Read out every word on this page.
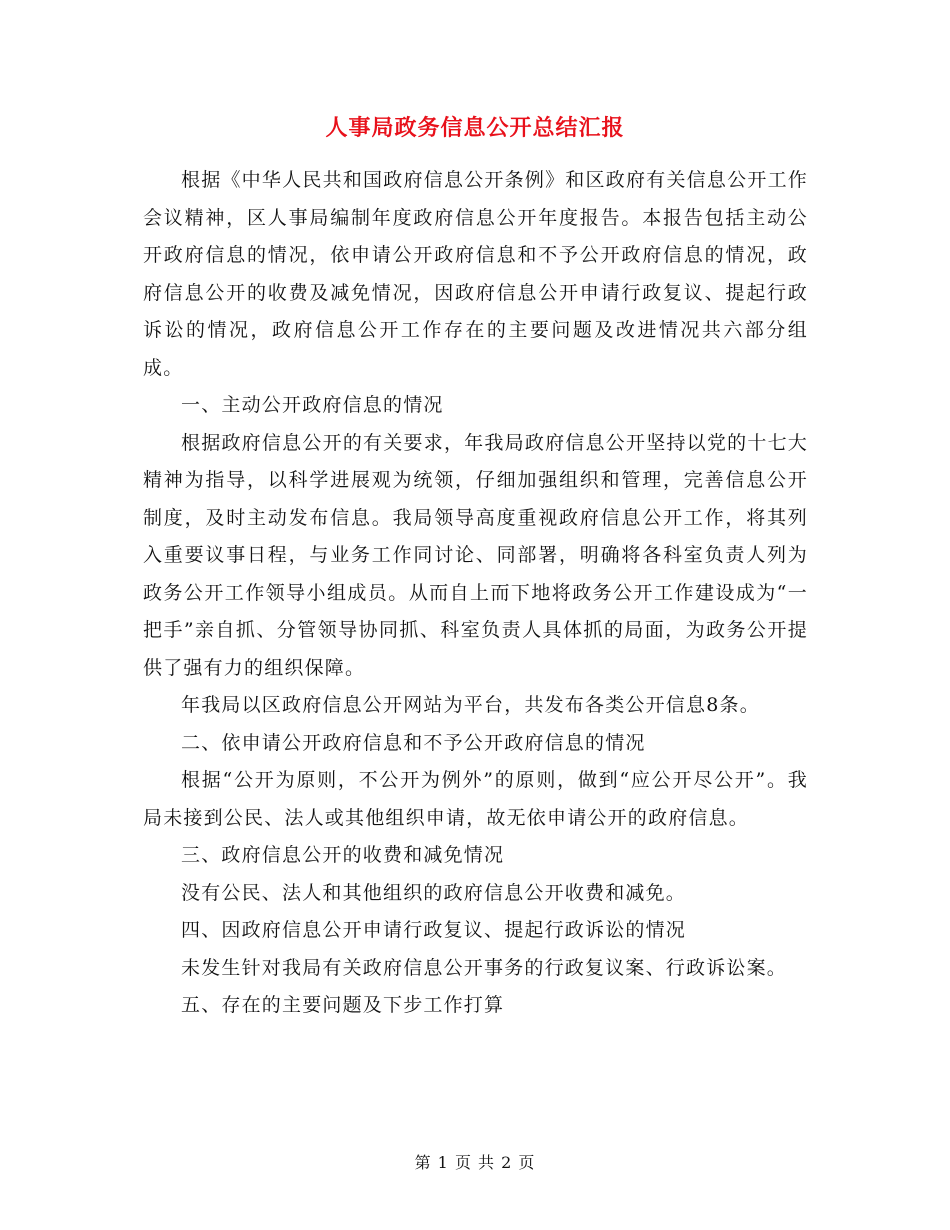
人事局政务信息公开总结汇报

根据《中华人民共和国政府信息公开条例》和区政府有关信息公开工作会议精神，区人事局编制年度政府信息公开年度报告。本报告包括主动公开政府信息的情况，依申请公开政府信息和不予公开政府信息的情况，政府信息公开的收费及减免情况，因政府信息公开申请行政复议、提起行政诉讼的情况，政府信息公开工作存在的主要问题及改进情况共六部分组成。

一、主动公开政府信息的情况

根据政府信息公开的有关要求，年我局政府信息公开坚持以党的十七大精神为指导，以科学进展观为统领，仔细加强组织和管理，完善信息公开制度，及时主动发布信息。我局领导高度重视政府信息公开工作，将其列入重要议事日程，与业务工作同讨论、同部署，明确将各科室负责人列为政务公开工作领导小组成员。从而自上而下地将政务公开工作建设成为“一把手”亲自抓、分管领导协同抓、科室负责人具体抓的局面，为政务公开提供了强有力的组织保障。

年我局以区政府信息公开网站为平台，共发布各类公开信息8条。

二、依申请公开政府信息和不予公开政府信息的情况

根据“公开为原则，不公开为例外”的原则，做到“应公开尽公开”。我局未接到公民、法人或其他组织申请，故无依申请公开的政府信息。

三、政府信息公开的收费和减免情况

没有公民、法人和其他组织的政府信息公开收费和减免。

四、因政府信息公开申请行政复议、提起行政诉讼的情况

未发生针对我局有关政府信息公开事务的行政复议案、行政诉讼案。

五、存在的主要问题及下步工作打算

第 1 页 共 2 页
